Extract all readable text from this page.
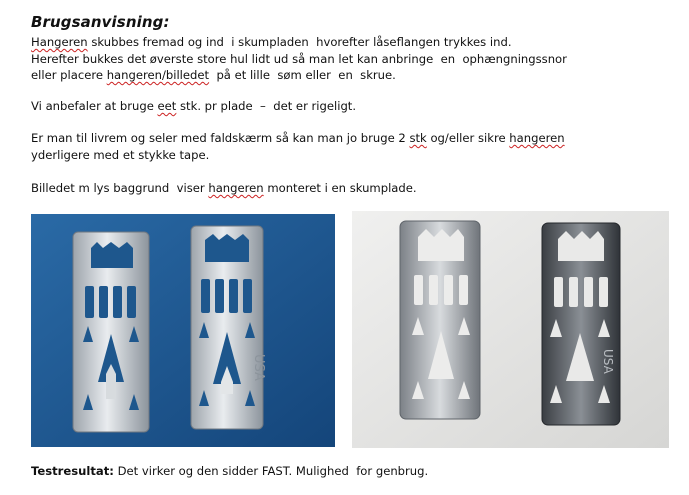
Brugsanvisning:
Hangeren skubbes fremad og ind  i skumpladen  hvorefter låseflangen trykkes ind.
Herefter bukkes det øverste store hul lidt ud så man let kan anbringe  en  ophængningssnor
eller placere hangeren/billedet  på et lille  søm eller  en  skrue.
Vi anbefaler at bruge eet stk. pr plade  –  det er rigeligt.
Er man til livrem og seler med faldskærm så kan man jo bruge 2 stk og/eller sikre hangeren
yderligere med et stykke tape.
Billedet m lys baggrund  viser hangeren monteret i en skumplade.
USA	USA
Testresultat: Det virker og den sidder FAST. Mulighed  for genbrug.
